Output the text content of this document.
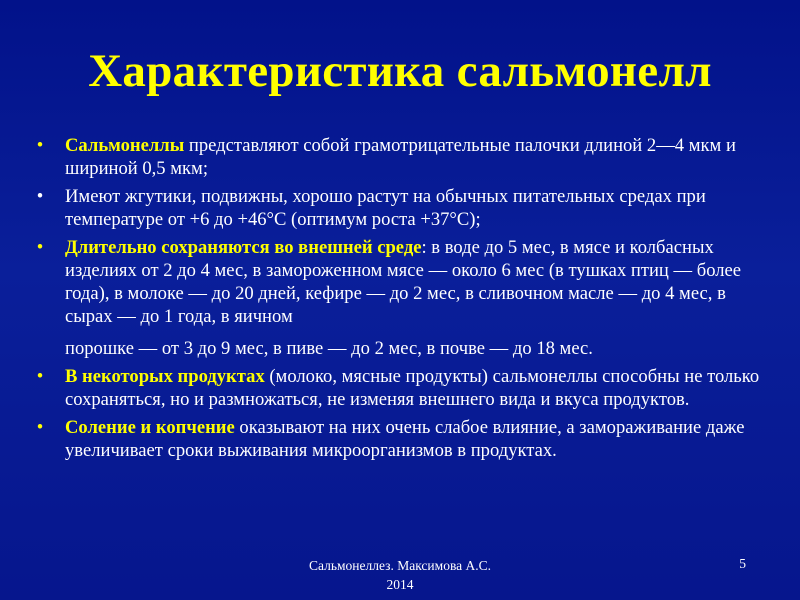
Характеристика сальмонелл
•	Сальмонеллы представляют собой грамотрицательные палочки длиной 2—4 мкм и шириной 0,5 мкм;
•	Имеют жгутики, подвижны, хорошо растут на обычных питательных средах при температуре от +6 до +46°С (оптимум роста +37°С);
•	Длительно сохраняются во внешней среде: в воде до 5 мес, в мясе и колбасных изделиях от 2 до 4 мес, в замороженном мясе — около 6 мес (в тушках птиц — более года), в молоке — до 20 дней, кефире — до 2 мес, в сливочном масле — до 4 мес, в сырах — до 1 года, в яичном
порошке — от 3 до 9 мес, в пиве — до 2 мес, в почве — до 18 мес.
•	В некоторых продуктах (молоко, мясные продукты) сальмонеллы способны не только сохраняться, но и размножаться, не изменяя внешнего вида и вкуса продуктов.
•	Соление и копчение оказывают на них очень слабое влияние, а замораживание даже увеличивает сроки выживания микроорганизмов в продуктах.
Сальмонеллез. Максимова А.С.
2014
5
